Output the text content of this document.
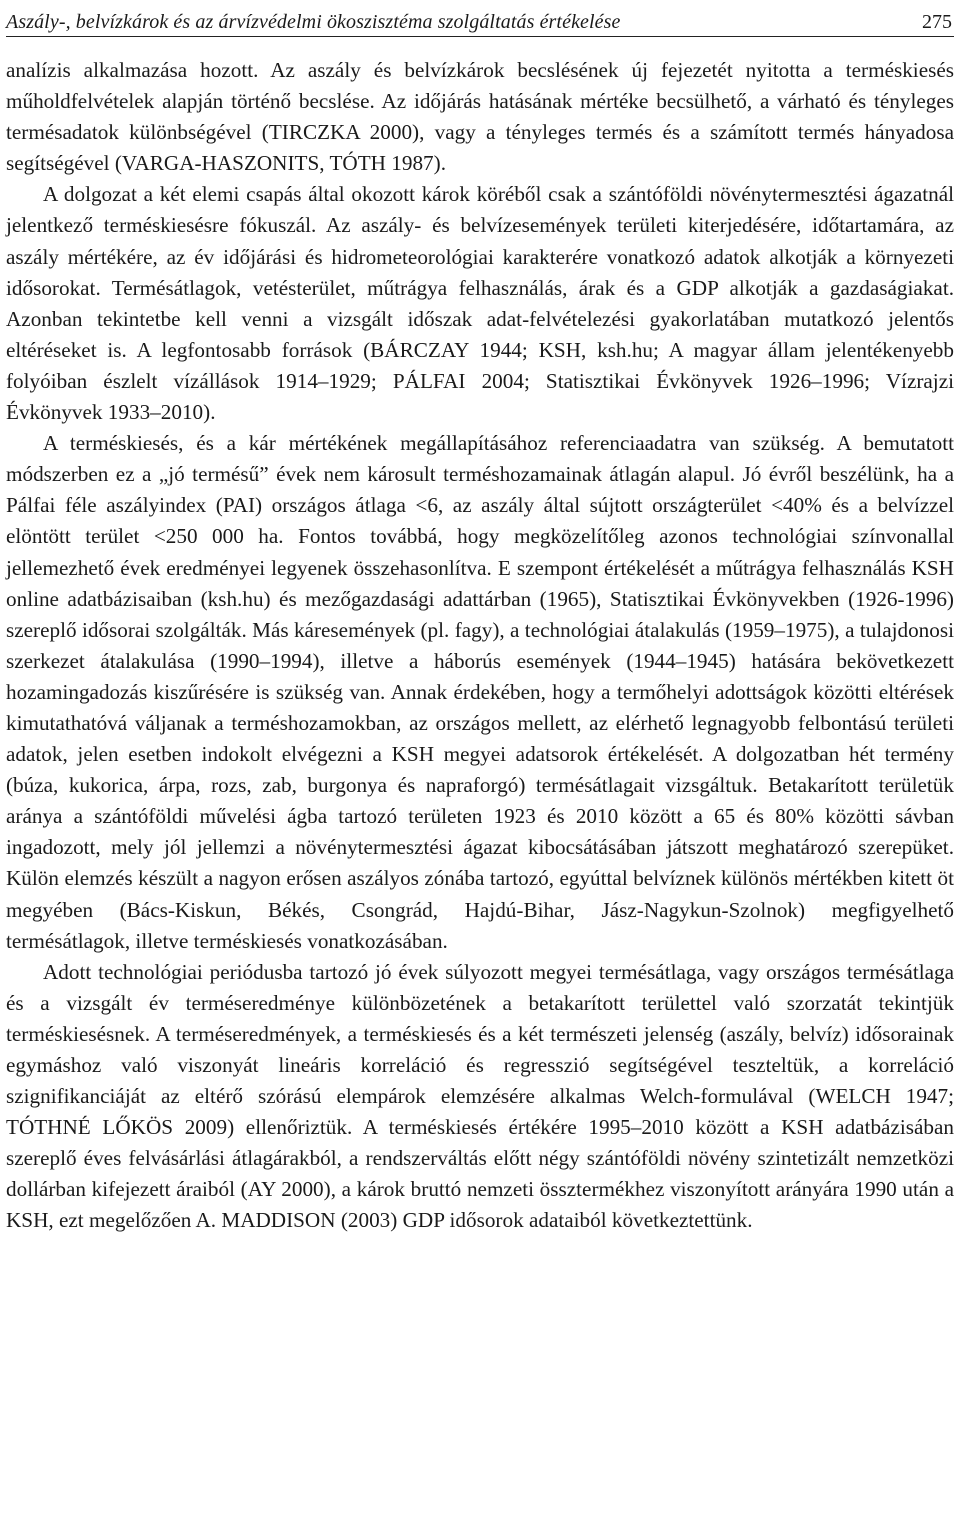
Aszály-, belvízkárok és az árvízvédelmi ökoszisztéma szolgáltatás értékelése	275

analízis alkalmazása hozott. Az aszály és belvízkárok becslésének új fejezetét nyitotta a terméskiesés műholdfelvételek alapján történő becslése. Az időjárás hatásának mértéke becsülhető, a várható és tényleges termésadatok különbségével (TIRCZKA 2000), vagy a tényleges termés és a számított termés hányadosa segítségével (VARGA-HASZONITS, TÓTH 1987).

A dolgozat a két elemi csapás által okozott károk köréből csak a szántóföldi növénytermesztési ágazatnál jelentkező terméskiesésre fókuszál. Az aszály- és belvízesemények területi kiterjedésére, időtartamára, az aszály mértékére, az év időjárási és hidrometeorológiai karakterére vonatkozó adatok alkotják a környezeti idősorokat. Termésátlagok, vetésterület, műtrágya felhasználás, árak és a GDP alkotják a gazdaságiakat. Azonban tekintetbe kell venni a vizsgált időszak adat-felvételezési gyakorlatában mutatkozó jelentős eltéréseket is. A legfontosabb források (BÁRCZAY 1944; KSH, ksh.hu; A magyar állam jelentékenyebb folyóiban észlelt vízállások 1914–1929; PÁLFAI 2004; Statisztikai Évkönyvek 1926–1996; Vízrajzi Évkönyvek 1933–2010).

A terméskiesés, és a kár mértékének megállapításához referenciaadatra van szükség. A bemutatott módszerben ez a „jó termésű” évek nem károsult terméshozamainak átlagán alapul. Jó évről beszélünk, ha a Pálfai féle aszályindex (PAI) országos átlaga <6, az aszály által sújtott országterület <40% és a belvízzel elöntött terület <250 000 ha. Fontos továbbá, hogy megközelítőleg azonos technológiai színvonallal jellemezhető évek eredményei legyenek összehasonlítva. E szempont értékelését a műtrágya felhasználás KSH online adatbázisaiban (ksh.hu) és mezőgazdasági adattárban (1965), Statisztikai Évkönyvekben (1926-1996) szereplő idősorai szolgálták. Más káresemények (pl. fagy), a technológiai átalakulás (1959–1975), a tulajdonosi szerkezet átalakulása (1990–1994), illetve a háborús események (1944–1945) hatására bekövetkezett hozamingadozás kiszűrésére is szükség van. Annak érdekében, hogy a termőhelyi adottságok közötti eltérések kimutathatóvá váljanak a terméshozamokban, az országos mellett, az elérhető legnagyobb felbontású területi adatok, jelen esetben indokolt elvégezni a KSH megyei adatsorok értékelését. A dolgozatban hét termény (búza, kukorica, árpa, rozs, zab, burgonya és napraforgó) termésátlagait vizsgáltuk. Betakarított területük aránya a szántóföldi művelési ágba tartozó területen 1923 és 2010 között a 65 és 80% közötti sávban ingadozott, mely jól jellemzi a növénytermesztési ágazat kibocsátásában játszott meghatározó szerepüket. Külön elemzés készült a nagyon erősen aszályos zónába tartozó, egyúttal belvíznek különös mértékben kitett öt megyében (Bács-Kiskun, Békés, Csongrád, Hajdú-Bihar, Jász-Nagykun-Szolnok) megfigyelhető termésátlagok, illetve terméskiesés vonatkozásában.

Adott technológiai periódusba tartozó jó évek súlyozott megyei termésátlaga, vagy országos termésátlaga és a vizsgált év terméseredménye különbözetének a betakarított területtel való szorzatát tekintjük terméskiesésnek. A terméseredmények, a terméskiesés és a két természeti jelenség (aszály, belvíz) idősorainak egymáshoz való viszonyát lineáris korreláció és regresszió segítségével teszteltük, a korreláció szignifikanciáját az eltérő szórású elempárok elemzésére alkalmas Welch-formulával (WELCH 1947; TÓTHNÉ LŐKÖS 2009) ellenőriztük. A terméskiesés értékére 1995–2010 között a KSH adatbázisában szereplő éves felvásárlási átlagárakból, a rendszerváltás előtt négy szántóföldi növény szintetizált nemzetközi dollárban kifejezett áraiból (AY 2000), a károk bruttó nemzeti össztermékhez viszonyított arányára 1990 után a KSH, ezt megelőzően A. MADDISON (2003) GDP idősorok adataiból következtettünk.
